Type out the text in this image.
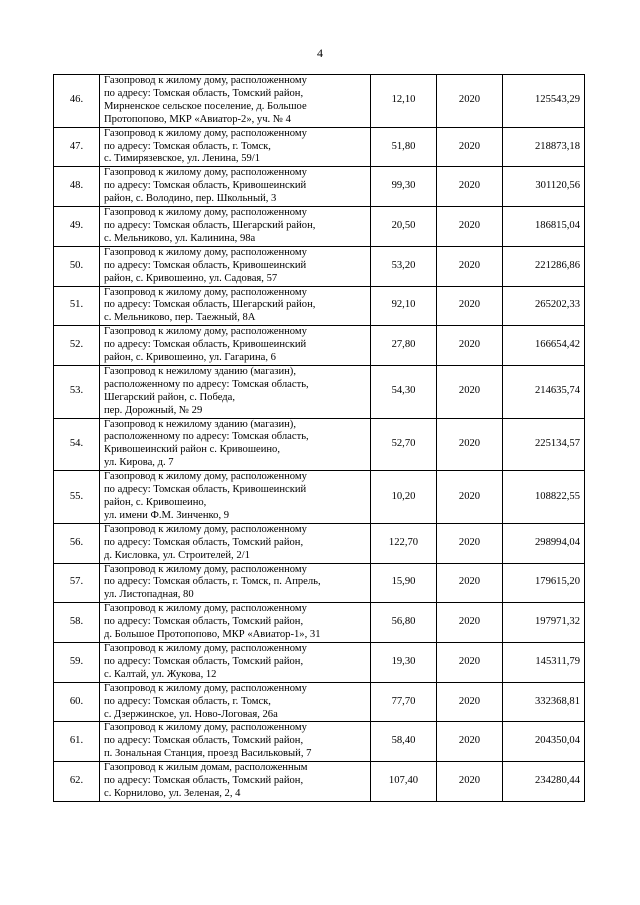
4
46.	Газопровод к жилому дому, расположенному
по адресу: Томская область, Томский район,
Мирненское сельское поселение, д. Большое
Протопопово, МКР «Авиатор-2», уч. № 4	12,10	2020	125543,29
47.	Газопровод к жилому дому, расположенному
по адресу: Томская область, г. Томск,
с. Тимирязевское, ул. Ленина, 59/1	51,80	2020	218873,18
48.	Газопровод к жилому дому, расположенному
по адресу: Томская область, Кривошеинский
район, с. Володино, пер. Школьный, 3	99,30	2020	301120,56
49.	Газопровод к жилому дому, расположенному
по адресу: Томская область, Шегарский район,
с. Мельниково, ул. Калинина, 98а	20,50	2020	186815,04
50.	Газопровод к жилому дому, расположенному
по адресу: Томская область, Кривошеинский
район, с. Кривошеино, ул. Садовая, 57	53,20	2020	221286,86
51.	Газопровод к жилому дому, расположенному
по адресу: Томская область, Шегарский район,
с. Мельниково, пер. Таежный, 8А	92,10	2020	265202,33
52.	Газопровод к жилому дому, расположенному
по адресу: Томская область, Кривошеинский
район, с. Кривошеино, ул. Гагарина, 6	27,80	2020	166654,42
53.	Газопровод к нежилому зданию (магазин),
расположенному по адресу: Томская область,
Шегарский район, с. Победа,
пер. Дорожный, № 29	54,30	2020	214635,74
54.	Газопровод к нежилому зданию (магазин),
расположенному по адресу: Томская область,
Кривошеинский район с. Кривошеино,
ул. Кирова, д. 7	52,70	2020	225134,57
55.	Газопровод к жилому дому, расположенному
по адресу: Томская область, Кривошеинский
район, с. Кривошеино,
ул. имени Ф.М. Зинченко, 9	10,20	2020	108822,55
56.	Газопровод к жилому дому, расположенному
по адресу: Томская область, Томский район,
д. Кисловка, ул. Строителей, 2/1	122,70	2020	298994,04
57.	Газопровод к жилому дому, расположенному
по адресу: Томская область, г. Томск, п. Апрель,
ул. Листопадная, 80	15,90	2020	179615,20
58.	Газопровод к жилому дому, расположенному
по адресу: Томская область, Томский район,
д. Большое Протопопово, МКР «Авиатор-1», 31	56,80	2020	197971,32
59.	Газопровод к жилому дому, расположенному
по адресу: Томская область, Томский район,
с. Калтай, ул. Жукова, 12	19,30	2020	145311,79
60.	Газопровод к жилому дому, расположенному
по адресу: Томская область, г. Томск,
с. Дзержинское, ул. Ново-Логовая, 26а	77,70	2020	332368,81
61.	Газопровод к жилому дому, расположенному
по адресу: Томская область, Томский район,
п. Зональная Станция, проезд Васильковый, 7	58,40	2020	204350,04
62.	Газопровод к жилым домам, расположенным
по адресу: Томская область, Томский район,
с. Корнилово, ул. Зеленая, 2, 4	107,40	2020	234280,44
